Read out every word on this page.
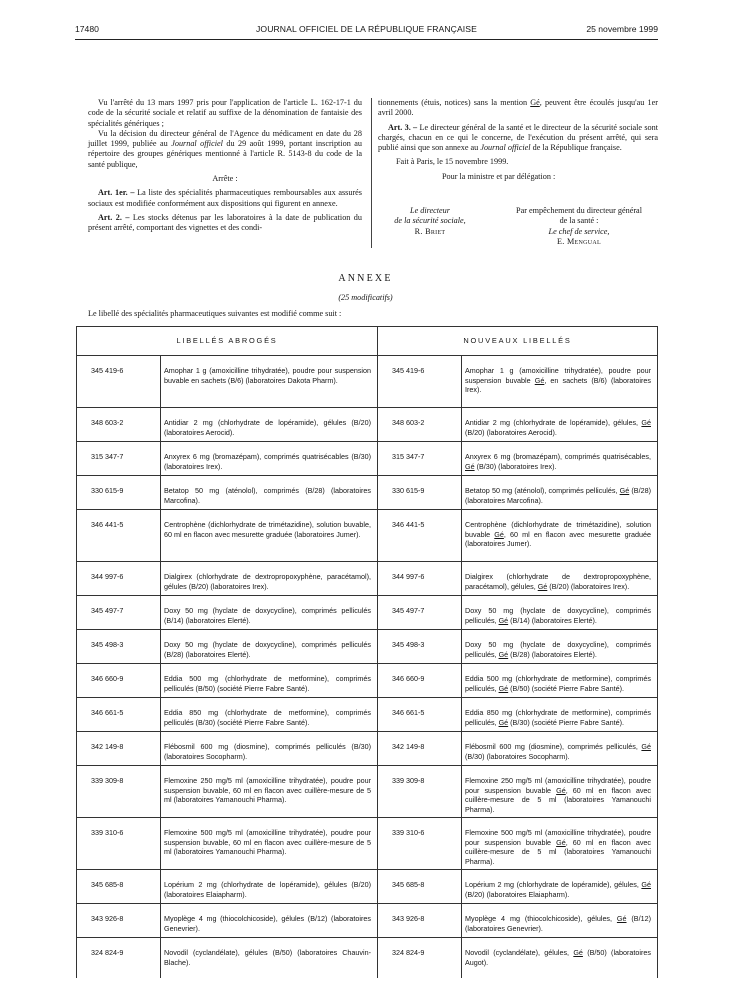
17480	JOURNAL OFFICIEL DE LA RÉPUBLIQUE FRANÇAISE	25 novembre 1999

Vu l'arrêté du 13 mars 1997 pris pour l'application de l'article L. 162-17-1 du code de la sécurité sociale et relatif au suffixe de la dénomination de fantaisie des spécialités génériques ;

Vu la décision du directeur général de l'Agence du médicament en date du 28 juillet 1999, publiée au Journal officiel du 29 août 1999, portant inscription au répertoire des groupes génériques mentionné à l'article R. 5143-8 du code de la santé publique,

Arrête :

Art. 1er. – La liste des spécialités pharmaceutiques remboursables aux assurés sociaux est modifiée conformément aux dispositions qui figurent en annexe.

Art. 2. – Les stocks détenus par les laboratoires à la date de publication du présent arrêté, comportant des vignettes et des condi-

tionnements (étuis, notices) sans la mention Gé, peuvent être écoulés jusqu'au 1er avril 2000.

Art. 3. – Le directeur général de la santé et le directeur de la sécurité sociale sont chargés, chacun en ce qui le concerne, de l'exécution du présent arrêté, qui sera publié ainsi que son annexe au Journal officiel de la République française.

Fait à Paris, le 15 novembre 1999.

Pour la ministre et par délégation :

Le directeur
de la sécurité sociale,
R. Briet
Par empêchement du directeur général
de la santé :
Le chef de service,
E. Mengual
ANNEXE
(25 modificatifs)
Le libellé des spécialités pharmaceutiques suivantes est modifié comme suit :
LIBELLÉS ABROGÉS		NOUVEAUX LIBELLÉS	
345 419-6	Amophar 1 g (amoxicilline trihydratée), poudre pour suspension buvable en sachets (B/6) (laboratoires Dakota Pharm).	345 419-6	Amophar 1 g (amoxicilline trihydratée), poudre pour suspension buvable Gé, en sachets (B/6) (laboratoires Irex).

348 603-2	Antidiar 2 mg (chlorhydrate de lopéramide), gélules (B/20) (laboratoires Aerocid).	348 603-2	Antidiar 2 mg (chlorhydrate de lopéramide), gélules, Gé (B/20) (laboratoires Aerocid).

315 347-7	Anxyrex 6 mg (bromazépam), comprimés quatrisécables (B/30) (laboratoires Irex).	315 347-7	Anxyrex 6 mg (bromazépam), comprimés quatrisécables, Gé (B/30) (laboratoires Irex).

330 615-9	Betatop 50 mg (aténolol), comprimés (B/28) (laboratoires Marcofina).	330 615-9	Betatop 50 mg (aténolol), comprimés pelliculés, Gé (B/28) (laboratoires Marcofina).

346 441-5	Centrophène (dichlorhydrate de trimétazidine), solution buvable, 60 ml en flacon avec mesurette graduée (laboratoires Jumer).	346 441-5	Centrophène (dichlorhydrate de trimétazidine), solution buvable Gé, 60 ml en flacon avec mesurette graduée (laboratoires Jumer).

344 997-6	Dialgirex (chlorhydrate de dextropropoxyphène, paracétamol), gélules (B/20) (laboratoires Irex).	344 997-6	Dialgirex (chlorhydrate de dextropropoxyphène, paracétamol), gélules, Gé (B/20) (laboratoires Irex).

345 497-7	Doxy 50 mg (hyclate de doxycycline), comprimés pelliculés (B/14) (laboratoires Elerté).	345 497-7	Doxy 50 mg (hyclate de doxycycline), comprimés pelliculés, Gé (B/14) (laboratoires Elerté).

345 498-3	Doxy 50 mg (hyclate de doxycycline), comprimés pelliculés (B/28) (laboratoires Elerté).	345 498-3	Doxy 50 mg (hyclate de doxycycline), comprimés pelliculés, Gé (B/28) (laboratoires Elerté).

346 660-9	Eddia 500 mg (chlorhydrate de metformine), comprimés pelliculés (B/50) (société Pierre Fabre Santé).	346 660-9	Eddia 500 mg (chlorhydrate de metformine), comprimés pelliculés, Gé (B/50) (société Pierre Fabre Santé).

346 661-5	Eddia 850 mg (chlorhydrate de metformine), comprimés pelliculés (B/30) (société Pierre Fabre Santé).	346 661-5	Eddia 850 mg (chlorhydrate de metformine), comprimés pelliculés, Gé (B/30) (société Pierre Fabre Santé).

342 149-8	Flébosmil 600 mg (diosmine), comprimés pelliculés (B/30) (laboratoires Socopharm).	342 149-8	Flébosmil 600 mg (diosmine), comprimés pelliculés, Gé (B/30) (laboratoires Socopharm).

339 309-8	Flemoxine 250 mg/5 ml (amoxicilline trihydratée), poudre pour suspension buvable, 60 ml en flacon avec cuillère-mesure de 5 ml (laboratoires Yamanouchi Pharma).	339 309-8	Flemoxine 250 mg/5 ml (amoxicilline trihydratée), poudre pour suspension buvable Gé, 60 ml en flacon avec cuillère-mesure de 5 ml (laboratoires Yamanouchi Pharma).

339 310-6	Flemoxine 500 mg/5 ml (amoxicilline trihydratée), poudre pour suspension buvable, 60 ml en flacon avec cuillère-mesure de 5 ml (laboratoires Yamanouchi Pharma).	339 310-6	Flemoxine 500 mg/5 ml (amoxicilline trihydratée), poudre pour suspension buvable Gé, 60 ml en flacon avec cuillère-mesure de 5 ml (laboratoires Yamanouchi Pharma).

345 685-8	Lopérium 2 mg (chlorhydrate de lopéramide), gélules (B/20) (laboratoires Elaiapharm).	345 685-8	Lopérium 2 mg (chlorhydrate de lopéramide), gélules, Gé (B/20) (laboratoires Elaiapharm).

343 926-8	Myoplège 4 mg (thiocolchicoside), gélules (B/12) (laboratoires Genevrier).	343 926-8	Myoplège 4 mg (thiocolchicoside), gélules, Gé (B/12) (laboratoires Genevrier).

324 824-9	Novodil (cyclandélate), gélules (B/50) (laboratoires Chauvin-Blache).	324 824-9	Novodil (cyclandélate), gélules, Gé (B/50) (laboratoires Augot).
